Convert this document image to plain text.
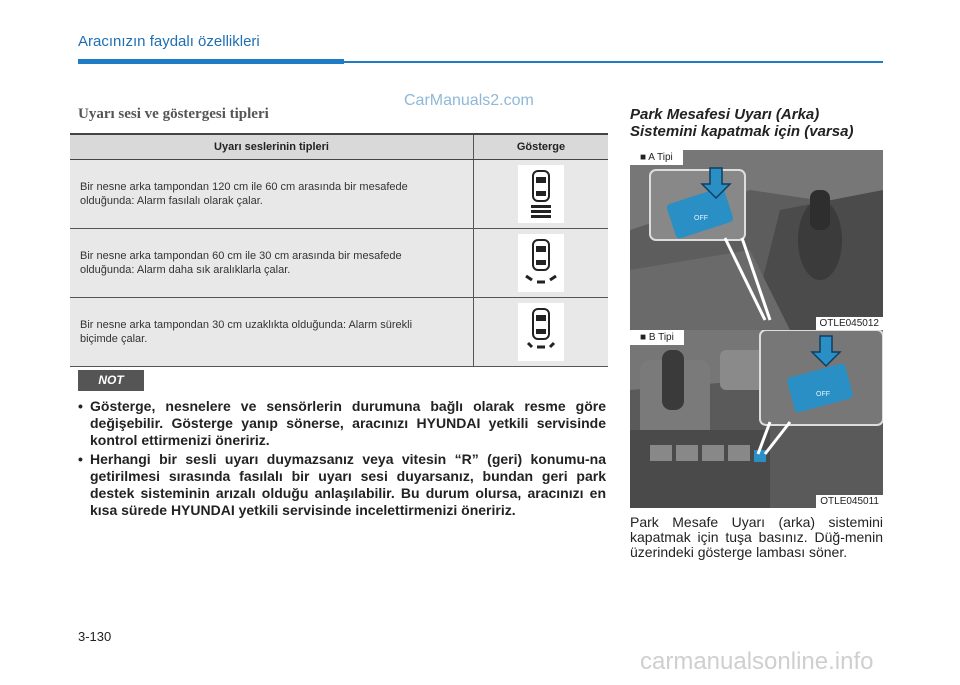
Aracınızın faydalı özellikleri
CarManuals2.com
Uyarı sesi ve göstergesi tipleri
Uyarı seslerinin tipleri	Gösterge
Bir nesne arka tampondan 120 cm ile 60 cm arasında bir mesafede
olduğunda: Alarm fasılalı olarak çalar.	
Bir nesne arka tampondan 60 cm ile 30 cm arasında bir mesafede
olduğunda: Alarm daha sık aralıklarla çalar.	
Bir nesne arka tampondan 30 cm uzaklıkta olduğunda: Alarm sürekli
biçimde çalar.	
NOT
• Gösterge, nesnelere ve sensörlerin durumuna bağlı olarak resme göre değişebilir. Gösterge yanıp sönerse, aracınızı HYUNDAI yetkili servisinde kontrol ettirmenizi öneririz.
• Herhangi bir sesli uyarı duymazsanız veya vitesin “R” (geri) konumu-na getirilmesi sırasında fasılalı bir uyarı sesi duyarsanız, bundan geri park destek sisteminin arızalı olduğu anlaşılabilir. Bu durum olursa, aracınızı en kısa sürede HYUNDAI yetkili servisinde incelettirmenizi öneririz.
Park Mesafesi Uyarı (Arka)
Sistemini kapatmak için (varsa)
OFF
■ A Tipi
OTLE045012
OFF
■ B Tipi
OTLE045011
Park Mesafe Uyarı (arka) sistemini kapatmak için tuşa basınız. Düğ-menin üzerindeki gösterge lambası söner.
3-130
carmanualsonline.info
